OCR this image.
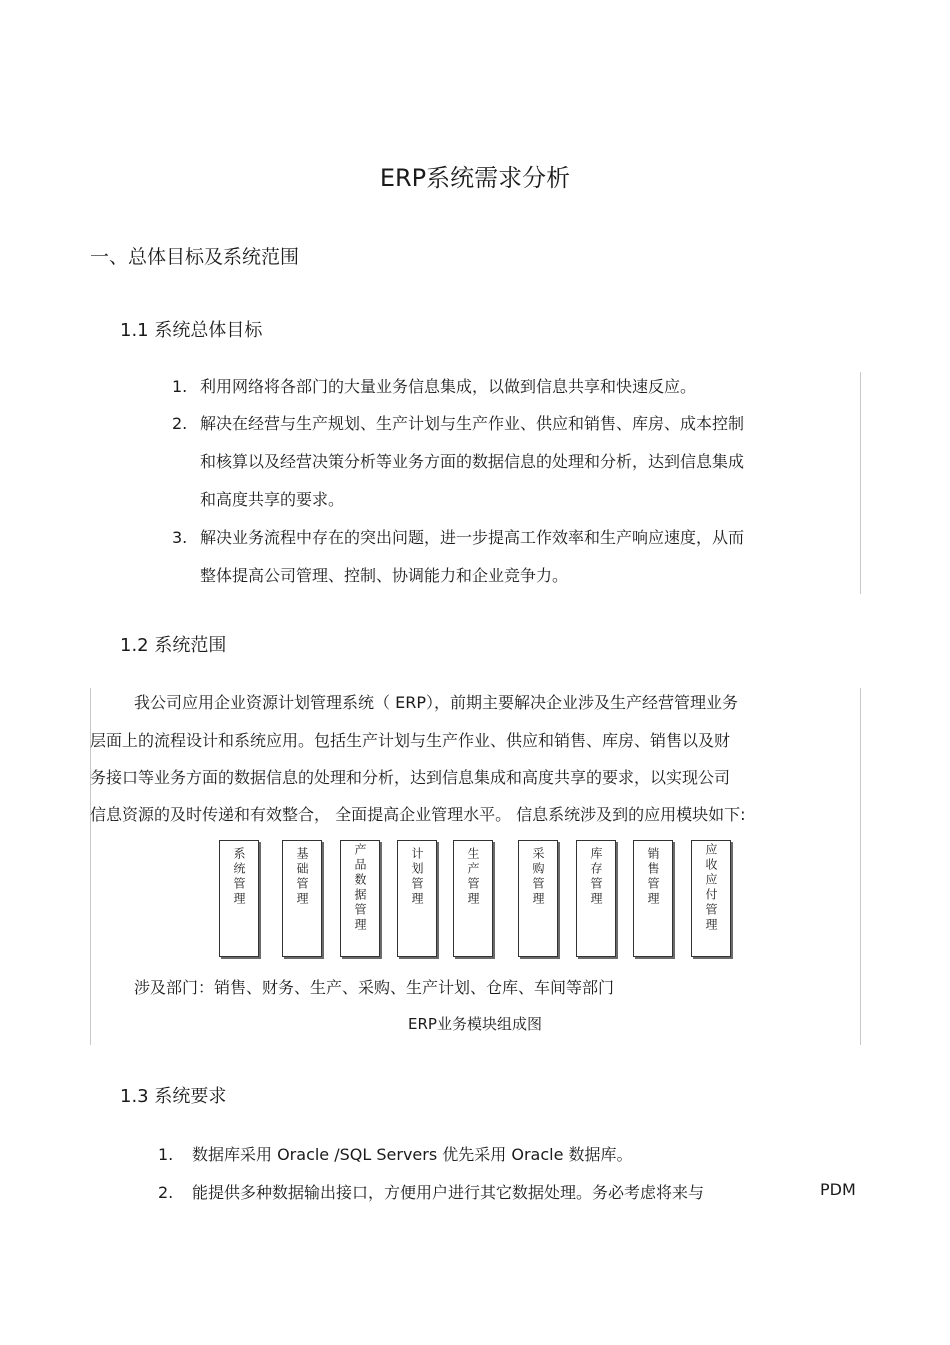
ERP系统需求分析
一、总体目标及系统范围
1.1 系统总体目标
1. 利用网络将各部门的大量业务信息集成，以做到信息共享和快速反应。
2. 解决在经营与生产规划、生产计划与生产作业、供应和销售、库房、成本控制
和核算以及经营决策分析等业务方面的数据信息的处理和分析，达到信息集成
和高度共享的要求。
3. 解决业务流程中存在的突出问题，进一步提高工作效率和生产响应速度，从而
整体提高公司管理、控制、协调能力和企业竞争力。
1.2 系统范围
我公司应用企业资源计划管理系统（ ERP），前期主要解决企业涉及生产经营管理业务
层面上的流程设计和系统应用。包括生产计划与生产作业、供应和销售、库房、销售以及财
务接口等业务方面的数据信息的处理和分析，达到信息集成和高度共享的要求，以实现公司
信息资源的及时传递和有效整合， 全面提高企业管理水平。 信息系统涉及到的应用模块如下:
系统管理	基础管理	产品数据管理	计划管理	生产管理	采购管理	库存管理	销售管理	应收应付管理
涉及部门：销售、财务、生产、采购、生产计划、仓库、车间等部门
ERP业务模块组成图
1.3 系统要求
1. 数据库采用 Oracle /SQL Servers 优先采用 Oracle 数据库。
2. 能提供多种数据输出接口，方便用户进行其它数据处理。务必考虑将来与	PDM
